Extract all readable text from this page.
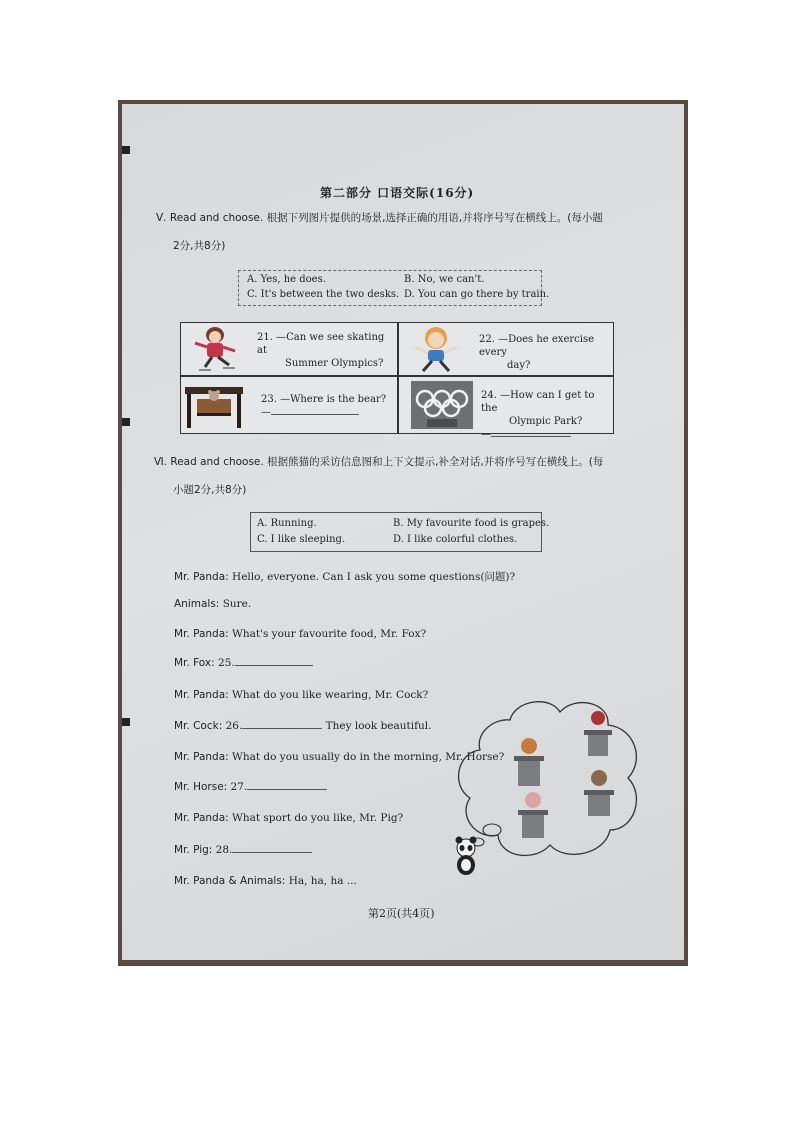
第二部分 口语交际(16分)
Ⅴ. Read and choose. 根据下列图片提供的场景,选择正确的用语,并将序号写在横线上。(每小题
2分,共8分)
A. Yes, he does.	B. No, we can't.
C. It's between the two desks. D. You can go there by train.
21. —Can we see skating at
Summer Olympics?
22. —Does he exercise every
day?
23. —Where is the bear?
—
24. —How can I get to the
Olympic Park?
—
Ⅵ. Read and choose. 根据熊猫的采访信息图和上下文提示,补全对话,并将序号写在横线上。(每
小题2分,共8分)
A. Running.	B. My favourite food is grapes.
C. I like sleeping.	D. I like colorful clothes.
Mr. Panda: Hello, everyone. Can I ask you some questions(问题)?
Animals: Sure.
Mr. Panda: What's your favourite food, Mr. Fox?
Mr. Fox: 25.
Mr. Panda: What do you like wearing, Mr. Cock?
Mr. Cock: 26.	They look beautiful.
Mr. Panda: What do you usually do in the morning, Mr. Horse?
Mr. Horse: 27.
Mr. Panda: What sport do you like, Mr. Pig?
Mr. Pig: 28.
Mr. Panda & Animals: Ha, ha, ha ...
第2页(共4页)
